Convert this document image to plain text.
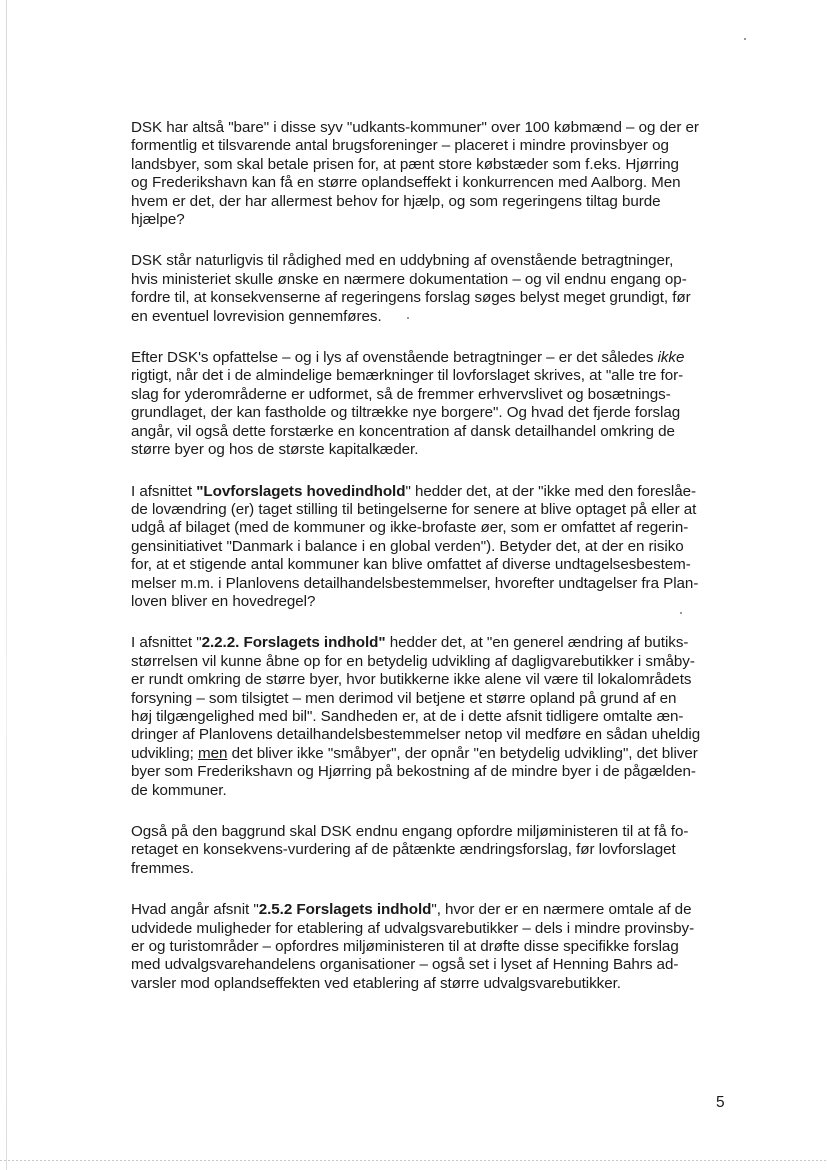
DSK har altså "bare" i disse syv "udkants-kommuner" over 100 købmænd – og der er
formentlig et tilsvarende antal brugsforeninger – placeret i mindre provinsbyer og
landsbyer, som skal betale prisen for, at pænt store købstæder som f.eks. Hjørring
og Frederikshavn kan få en større oplandseffekt i konkurrencen med Aalborg. Men
hvem er det, der har allermest behov for hjælp, og som regeringens tiltag burde
hjælpe?

DSK står naturligvis til rådighed med en uddybning af ovenstående betragtninger,
hvis ministeriet skulle ønske en nærmere dokumentation – og vil endnu engang op-
fordre til, at konsekvenserne af regeringens forslag søges belyst meget grundigt, før
en eventuel lovrevision gennemføres.

Efter DSK's opfattelse – og i lys af ovenstående betragtninger – er det således ikke
rigtigt, når det i de almindelige bemærkninger til lovforslaget skrives, at "alle tre for-
slag for yderområderne er udformet, så de fremmer erhvervslivet og bosætnings-
grundlaget, der kan fastholde og tiltrække nye borgere". Og hvad det fjerde forslag
angår, vil også dette forstærke en koncentration af dansk detailhandel omkring de
større byer og hos de største kapitalkæder.

I afsnittet "Lovforslagets hovedindhold" hedder det, at der "ikke med den foreslåe-
de lovændring (er) taget stilling til betingelserne for senere at blive optaget på eller at
udgå af bilaget (med de kommuner og ikke-brofaste øer, som er omfattet af regerin-
gensinitiativet "Danmark i balance i en global verden"). Betyder det, at der en risiko
for, at et stigende antal kommuner kan blive omfattet af diverse undtagelsesbestem-
melser m.m. i Planlovens detailhandelsbestemmelser, hvorefter undtagelser fra Plan-
loven bliver en hovedregel?

I afsnittet "2.2.2. Forslagets indhold" hedder det, at "en generel ændring af butiks-
størrelsen vil kunne åbne op for en betydelig udvikling af dagligvarebutikker i småby-
er rundt omkring de større byer, hvor butikkerne ikke alene vil være til lokalområdets
forsyning – som tilsigtet – men derimod vil betjene et større opland på grund af en
høj tilgængelighed med bil". Sandheden er, at de i dette afsnit tidligere omtalte æn-
dringer af Planlovens detailhandelsbestemmelser netop vil medføre en sådan uheldig
udvikling; men det bliver ikke "småbyer", der opnår "en betydelig udvikling", det bliver
byer som Frederikshavn og Hjørring på bekostning af de mindre byer i de pågælden-
de kommuner.

Også på den baggrund skal DSK endnu engang opfordre miljøministeren til at få fo-
retaget en konsekvens-vurdering af de påtænkte ændringsforslag, før lovforslaget
fremmes.

Hvad angår afsnit "2.5.2 Forslagets indhold", hvor der er en nærmere omtale af de
udvidede muligheder for etablering af udvalgsvarebutikker – dels i mindre provinsby-
er og turistområder – opfordres miljøministeren til at drøfte disse specifikke forslag
med udvalgsvarehandelens organisationer – også set i lyset af Henning Bahrs ad-
varsler mod oplandseffekten ved etablering af større udvalgsvarebutikker.

5
